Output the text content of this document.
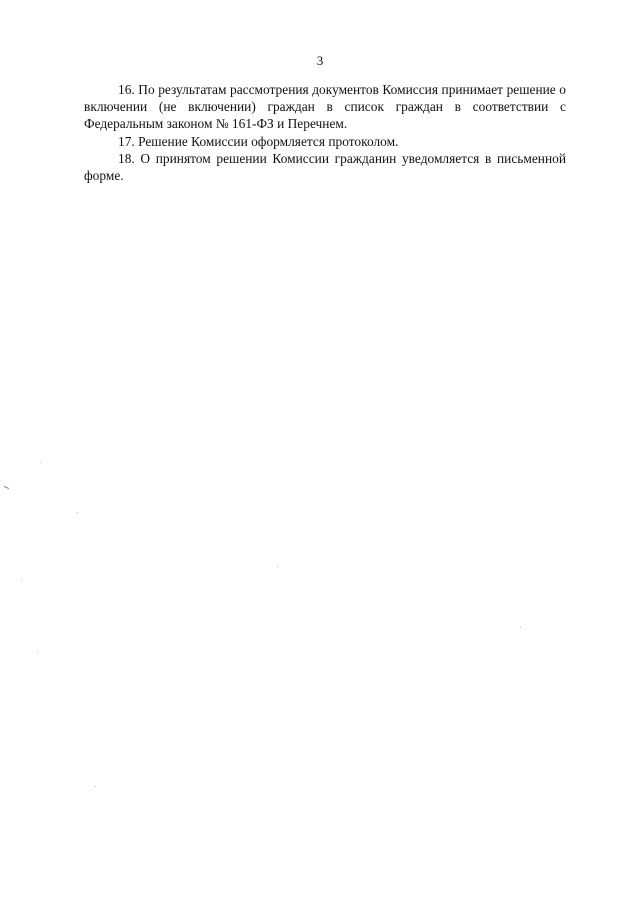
3

16. По результатам рассмотрения документов Комиссия принимает решение о включении (не включении) граждан в список граждан в соответствии с Федеральным законом № 161-ФЗ и Перечнем.

17. Решение Комиссии оформляется протоколом.

18. О принятом решении Комиссии гражданин уведомляется в письменной форме.
